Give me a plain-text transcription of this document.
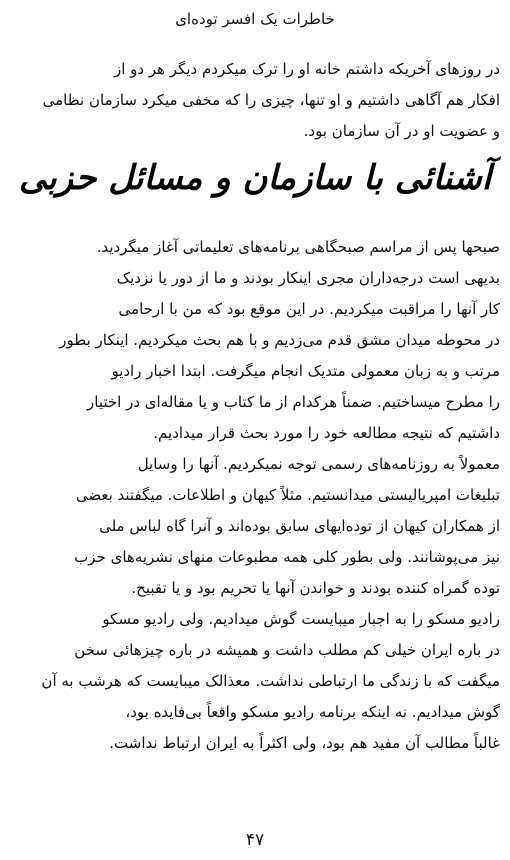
خاطرات یک افسر توده‌ای

در روزهای آخریکه داشتم خانه او را ترک میکردم دیگر هر دو از

افکار هم آگاهی داشتیم و او تنها، چیزی را که مخفی میکرد سازمان نظامی

و عضویت او در آن سازمان بود.

آشنائی با سازمان و مسائل حزبی

صبحها پس از مراسم صبحگاهی برنامه‌های تعلیماتی آغاز میگردید.

بدیهی است درجه‌داران مجری اینکار بودند و ما از دور یا نزدیک

کار آنها را مراقبت میکردیم. در این موقع بود که من با ارحامی

در محوطه میدان مشق قدم می‌زدیم و با هم بحث میکردیم. اینکار بطور

مرتب و به زبان معمولی متدیک انجام میگرفت. ابتدا اخبار رادیو

را مطرح میساختیم. ضمناً هرکدام از ما کتاب و یا مقاله‌ای در اختیار

داشتیم که نتیجه مطالعه خود را مورد بحث قرار میدادیم.

معمولاً به روزنامه‌های رسمی توجه نمیکردیم. آنها را وسایل

تبلیغات امپریالیستی میدانستیم. مثلاً کیهان و اطلاعات. میگفتند بعضی

از همکاران کیهان از توده‌ایهای سابق بوده‌اند و آنرا گاه لباس ملی

نیز می‌پوشانند. ولی بطور کلی همه مطبوعات منهای نشریه‌های حزب

توده گمراه کننده بودند و خواندن آنها یا تحریم بود و یا تقبیح.

رادیو مسکو را به اجبار میبایست گوش میدادیم. ولی رادیو مسکو

در باره ایران خیلی کم مطلب داشت و همیشه در باره چیزهائی سخن

میگفت که با زندگی ما ارتباطی نداشت. معذالک میبایست که هرشب به آن

گوش میدادیم. نه اینکه برنامه رادیو مسکو واقعاً بی‌فایده بود،

غالباً مطالب آن مفید هم بود، ولی اکثراً به ایران ارتباط نداشت.

۴۷
